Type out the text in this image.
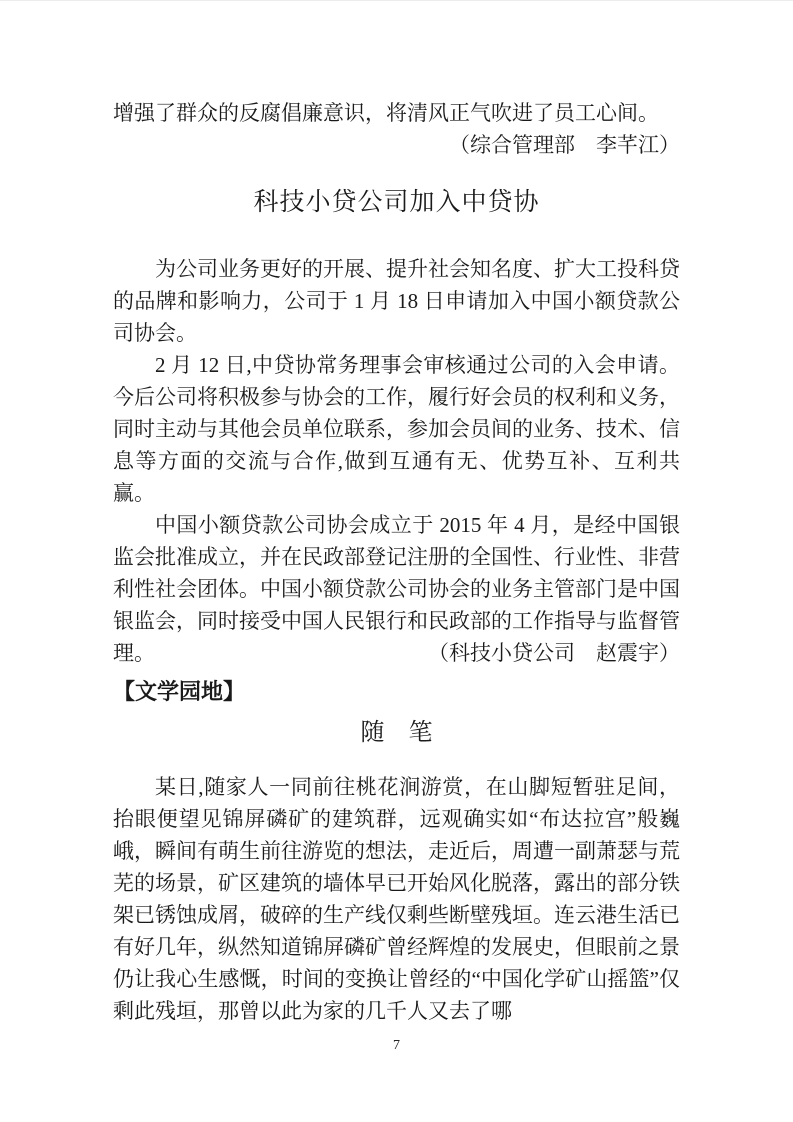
增强了群众的反腐倡廉意识，将清风正气吹进了员工心间。

（综合管理部　李芊江）

科技小贷公司加入中贷协

为公司业务更好的开展、提升社会知名度、扩大工投科贷的品牌和影响力，公司于 1 月 18 日申请加入中国小额贷款公司协会。

2 月 12 日,中贷协常务理事会审核通过公司的入会申请。今后公司将积极参与协会的工作，履行好会员的权利和义务，同时主动与其他会员单位联系，参加会员间的业务、技术、信息等方面的交流与合作,做到互通有无、优势互补、互利共赢。

中国小额贷款公司协会成立于 2015 年 4 月，是经中国银监会批准成立，并在民政部登记注册的全国性、行业性、非营利性社会团体。中国小额贷款公司协会的业务主管部门是中国银监会，同时接受中国人民银行和民政部的工作指导与监督管理。	（科技小贷公司　赵震宇）

【文学园地】
随　笔

某日,随家人一同前往桃花涧游赏，在山脚短暂驻足间，抬眼便望见锦屏磷矿的建筑群，远观确实如“布达拉宫”般巍峨，瞬间有萌生前往游览的想法，走近后，周遭一副萧瑟与荒芜的场景，矿区建筑的墙体早已开始风化脱落，露出的部分铁架已锈蚀成屑，破碎的生产线仅剩些断壁残垣。连云港生活已有好几年，纵然知道锦屏磷矿曾经辉煌的发展史，但眼前之景仍让我心生感慨，时间的变换让曾经的“中国化学矿山摇篮”仅剩此残垣，那曾以此为家的几千人又去了哪

7
